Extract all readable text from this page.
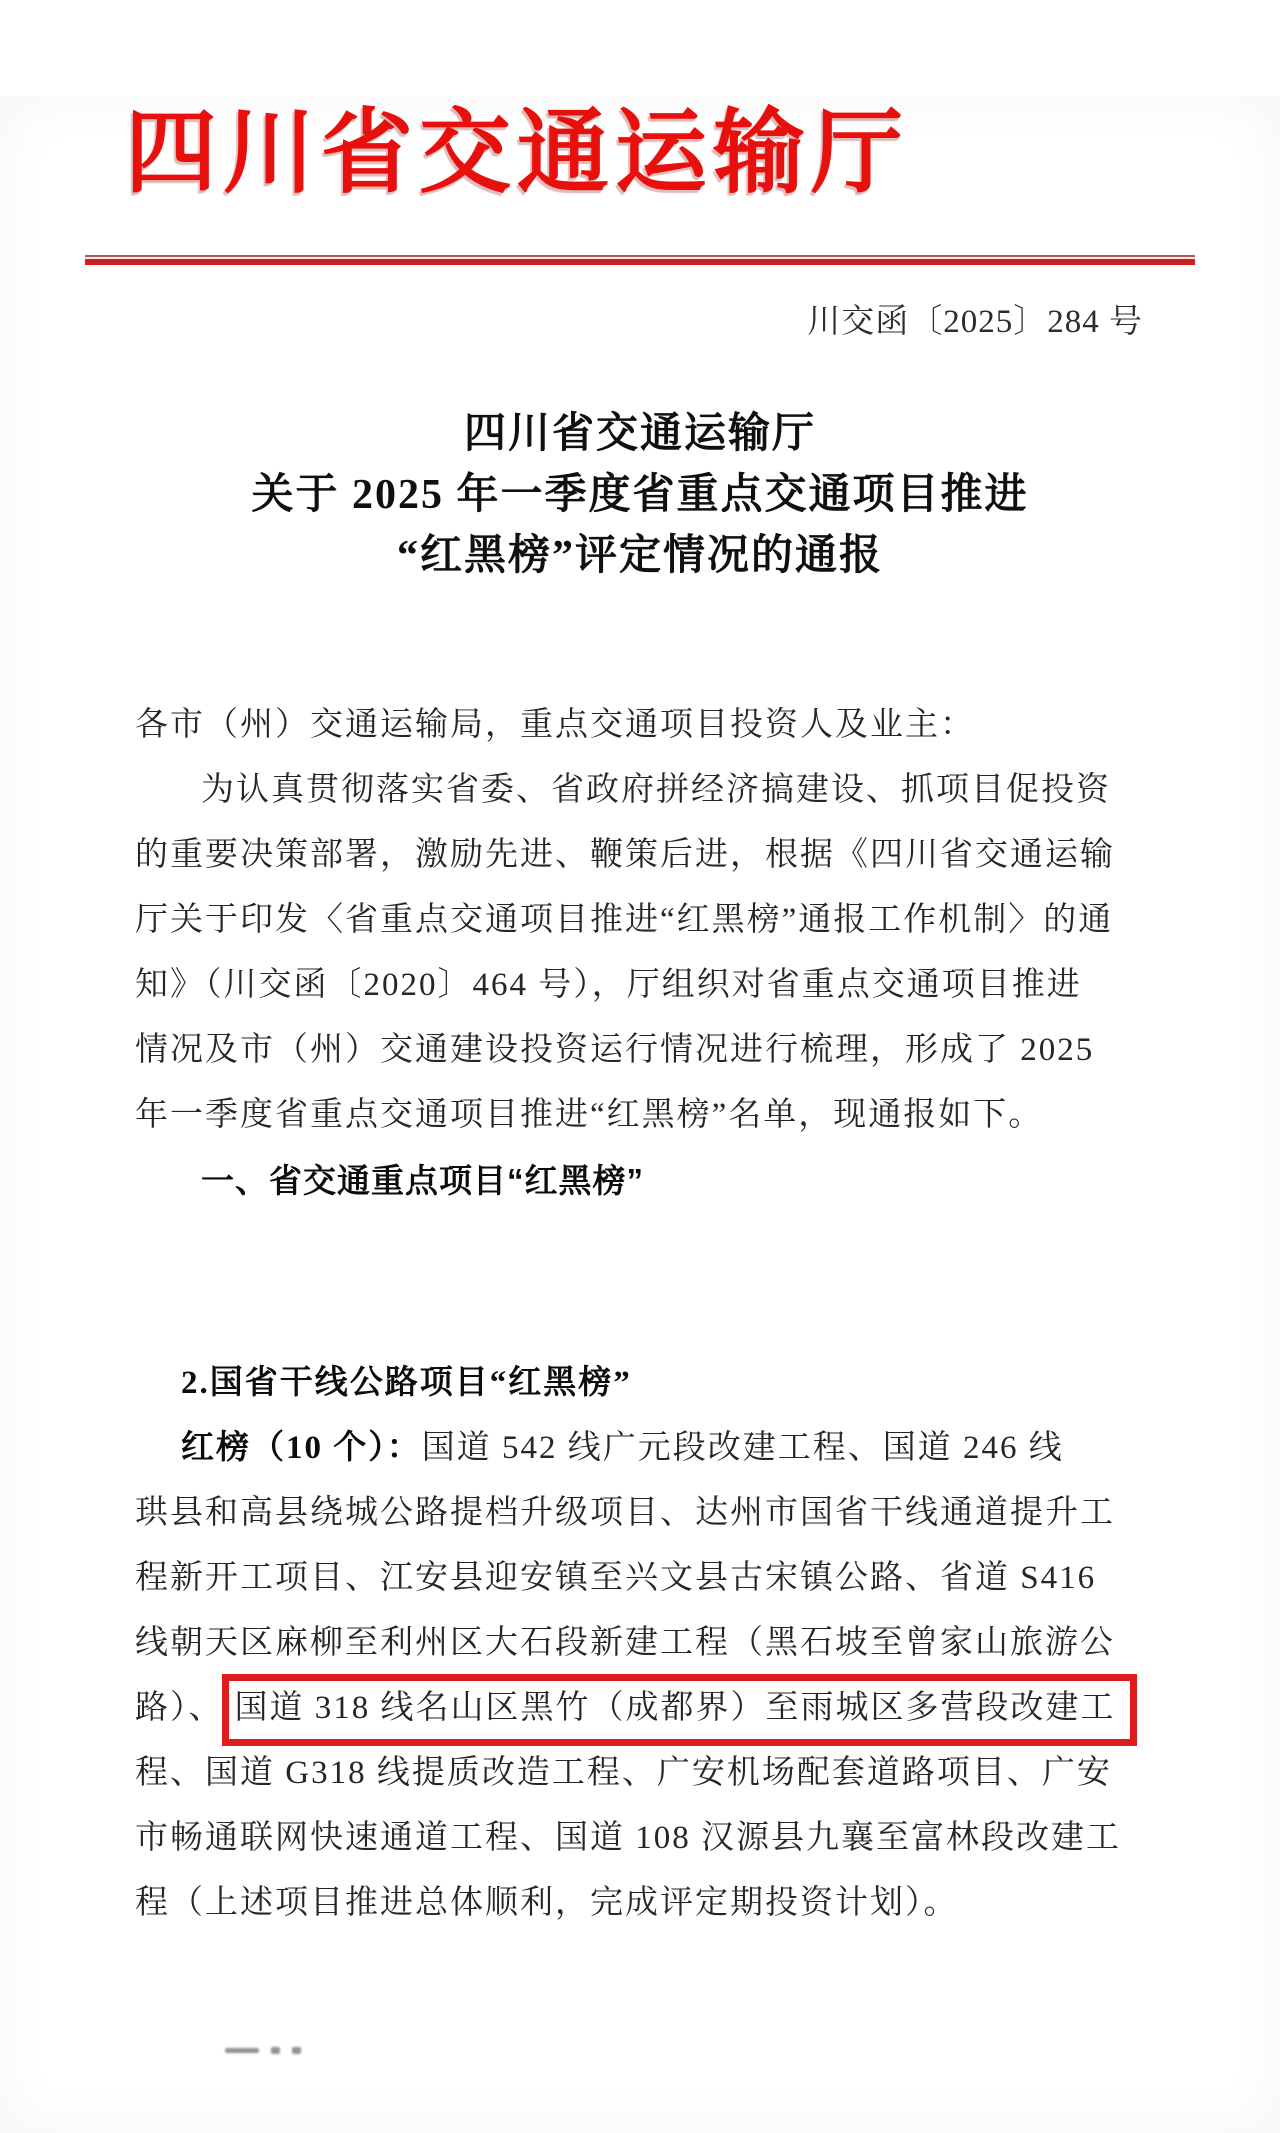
四川省交通运输厅
川交函〔2025〕284 号
四川省交通运输厅
关于 2025 年一季度省重点交通项目推进
“红黑榜”评定情况的通报
各市（州）交通运输局，重点交通项目投资人及业主：
为认真贯彻落实省委、省政府拼经济搞建设、抓项目促投资
的重要决策部署，激励先进、鞭策后进，根据《四川省交通运输
厅关于印发〈省重点交通项目推进“红黑榜”通报工作机制〉的通
知》（川交函〔2020〕464 号），厅组织对省重点交通项目推进
情况及市（州）交通建设投资运行情况进行梳理，形成了 2025
年一季度省重点交通项目推进“红黑榜”名单，现通报如下。
一、省交通重点项目“红黑榜”
2.国省干线公路项目“红黑榜”
红榜（10 个）：国道 542 线广元段改建工程、国道 246 线
珙县和高县绕城公路提档升级项目、达州市国省干线通道提升工
程新开工项目、江安县迎安镇至兴文县古宋镇公路、省道 S416
线朝天区麻柳至利州区大石段新建工程（黑石坡至曾家山旅游公
路）、 国道 318 线名山区黑竹（成都界）至雨城区多营段改建工
程、国道 G318 线提质改造工程、广安机场配套道路项目、广安
市畅通联网快速通道工程、国道 108 汉源县九襄至富林段改建工
程（上述项目推进总体顺利，完成评定期投资计划）。
